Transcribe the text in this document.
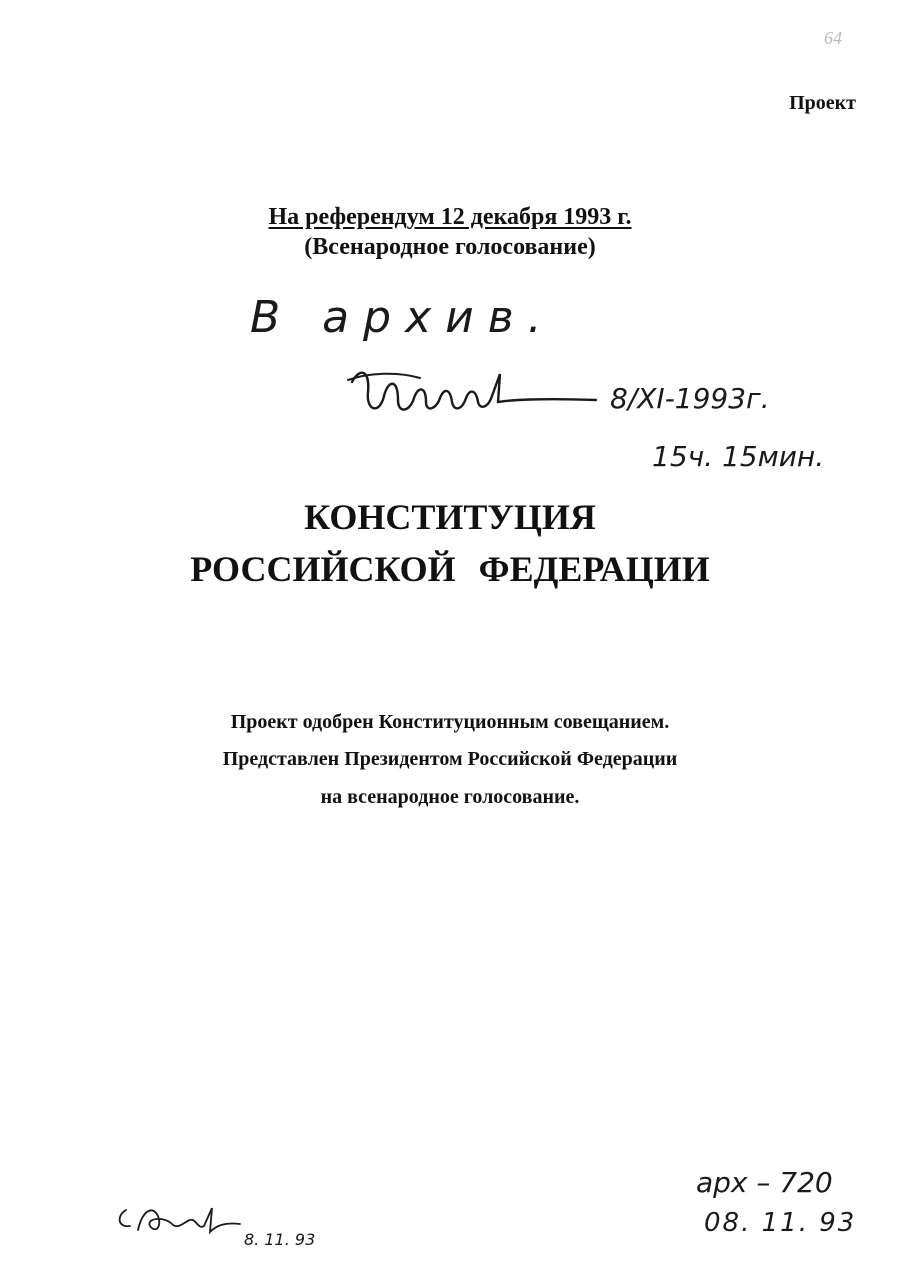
64
Проект
На референдум 12 декабря 1993 г.
(Всенародное голосование)
В архив.
8/XI-1993г.
15ч. 15мин.
КОНСТИТУЦИЯ
РОССИЙСКОЙ ФЕДЕРАЦИИ
Проект одобрен Конституционным совещанием.
Представлен Президентом Российской Федерации
на всенародное голосование.
арх – 720
08. 11. 93
8. 11. 93
